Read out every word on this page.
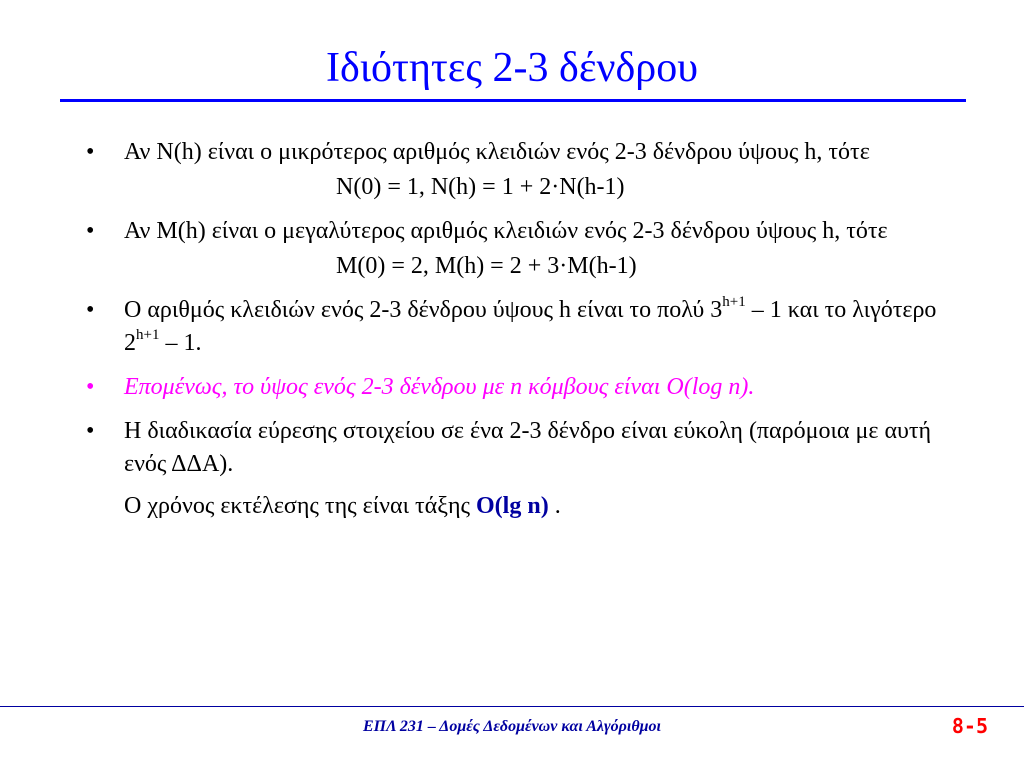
Ιδιότητες 2-3 δένδρου
• Αν Ν(h) είναι ο μικρότερος αριθμός κλειδιών ενός 2-3 δένδρου ύψους h, τότε
Ν(0) = 1, Ν(h) = 1 + 2·Ν(h-1)
• Αν Μ(h) είναι ο μεγαλύτερος αριθμός κλειδιών ενός 2-3 δένδρου ύψους h, τότε
Μ(0) = 2, Μ(h) = 2 + 3·Μ(h-1)
• Ο αριθμός κλειδιών ενός 2-3 δένδρου ύψους h είναι το πολύ $3^{h+1} - 1$ και το λιγότερο $2^{h+1} - 1$.
• Επομένως, το ύψος ενός 2-3 δένδρου με n κόμβους είναι O(log n).
• Η διαδικασία εύρεσης στοιχείου σε ένα 2-3 δένδρο είναι εύκολη (παρόμοια με αυτή ενός ΔΔΑ).
Ο χρόνος εκτέλεσης της είναι τάξης O(lg n) .
ΕΠΛ 231 – Δομές Δεδομένων και Αλγόριθμοι	8-5
